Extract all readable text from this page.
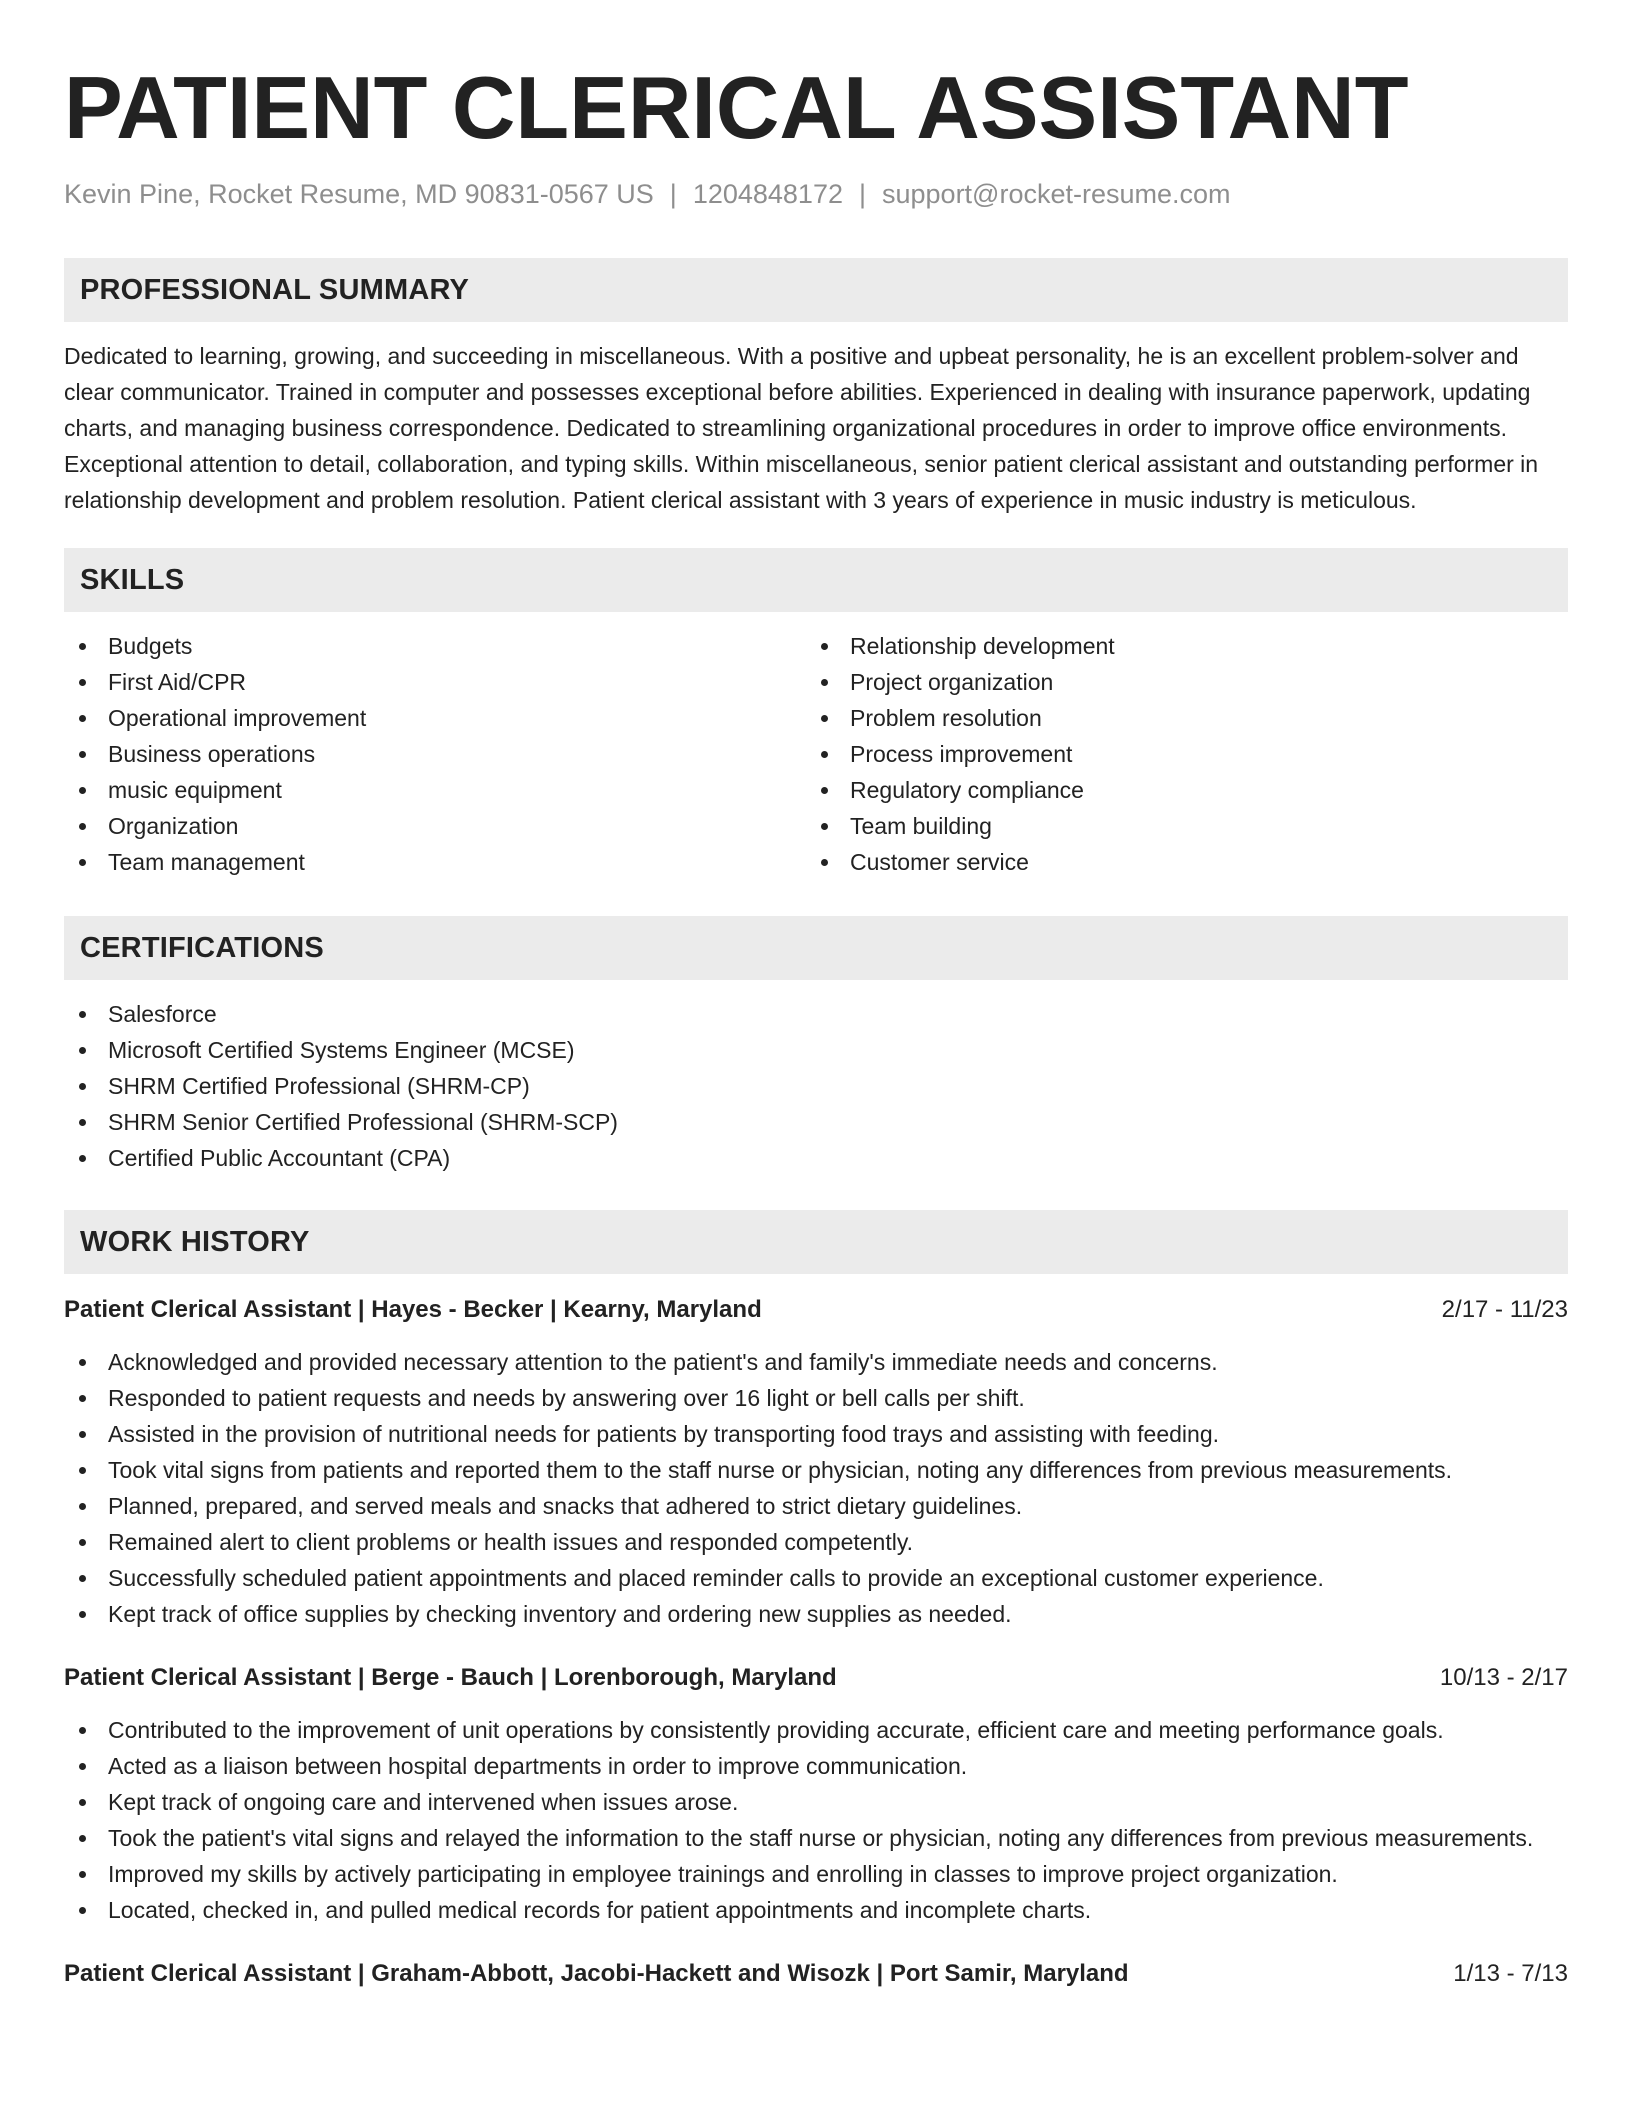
PATIENT CLERICAL ASSISTANT
Kevin Pine, Rocket Resume, MD 90831-0567 US | 1204848172 | support@rocket-resume.com
PROFESSIONAL SUMMARY

Dedicated to learning, growing, and succeeding in miscellaneous. With a positive and upbeat personality, he is an excellent problem-solver and clear communicator. Trained in computer and possesses exceptional before abilities. Experienced in dealing with insurance paperwork, updating charts, and managing business correspondence. Dedicated to streamlining organizational procedures in order to improve office environments. Exceptional attention to detail, collaboration, and typing skills. Within miscellaneous, senior patient clerical assistant and outstanding performer in relationship development and problem resolution. Patient clerical assistant with 3 years of experience in music industry is meticulous.

SKILLS
Budgets
First Aid/CPR
Operational improvement
Business operations
music equipment
Organization
Team management
Relationship development
Project organization
Problem resolution
Process improvement
Regulatory compliance
Team building
Customer service
CERTIFICATIONS
Salesforce
Microsoft Certified Systems Engineer (MCSE)
SHRM Certified Professional (SHRM-CP)
SHRM Senior Certified Professional (SHRM-SCP)
Certified Public Accountant (CPA)
WORK HISTORY
Patient Clerical Assistant | Hayes - Becker | Kearny, Maryland	2/17 - 11/23
Acknowledged and provided necessary attention to the patient's and family's immediate needs and concerns.
Responded to patient requests and needs by answering over 16 light or bell calls per shift.
Assisted in the provision of nutritional needs for patients by transporting food trays and assisting with feeding.
Took vital signs from patients and reported them to the staff nurse or physician, noting any differences from previous measurements.
Planned, prepared, and served meals and snacks that adhered to strict dietary guidelines.
Remained alert to client problems or health issues and responded competently.
Successfully scheduled patient appointments and placed reminder calls to provide an exceptional customer experience.
Kept track of office supplies by checking inventory and ordering new supplies as needed.
Patient Clerical Assistant | Berge - Bauch | Lorenborough, Maryland	10/13 - 2/17
Contributed to the improvement of unit operations by consistently providing accurate, efficient care and meeting performance goals.
Acted as a liaison between hospital departments in order to improve communication.
Kept track of ongoing care and intervened when issues arose.
Took the patient's vital signs and relayed the information to the staff nurse or physician, noting any differences from previous measurements.
Improved my skills by actively participating in employee trainings and enrolling in classes to improve project organization.
Located, checked in, and pulled medical records for patient appointments and incomplete charts.
Patient Clerical Assistant | Graham-Abbott, Jacobi-Hackett and Wisozk | Port Samir, Maryland	1/13 - 7/13
